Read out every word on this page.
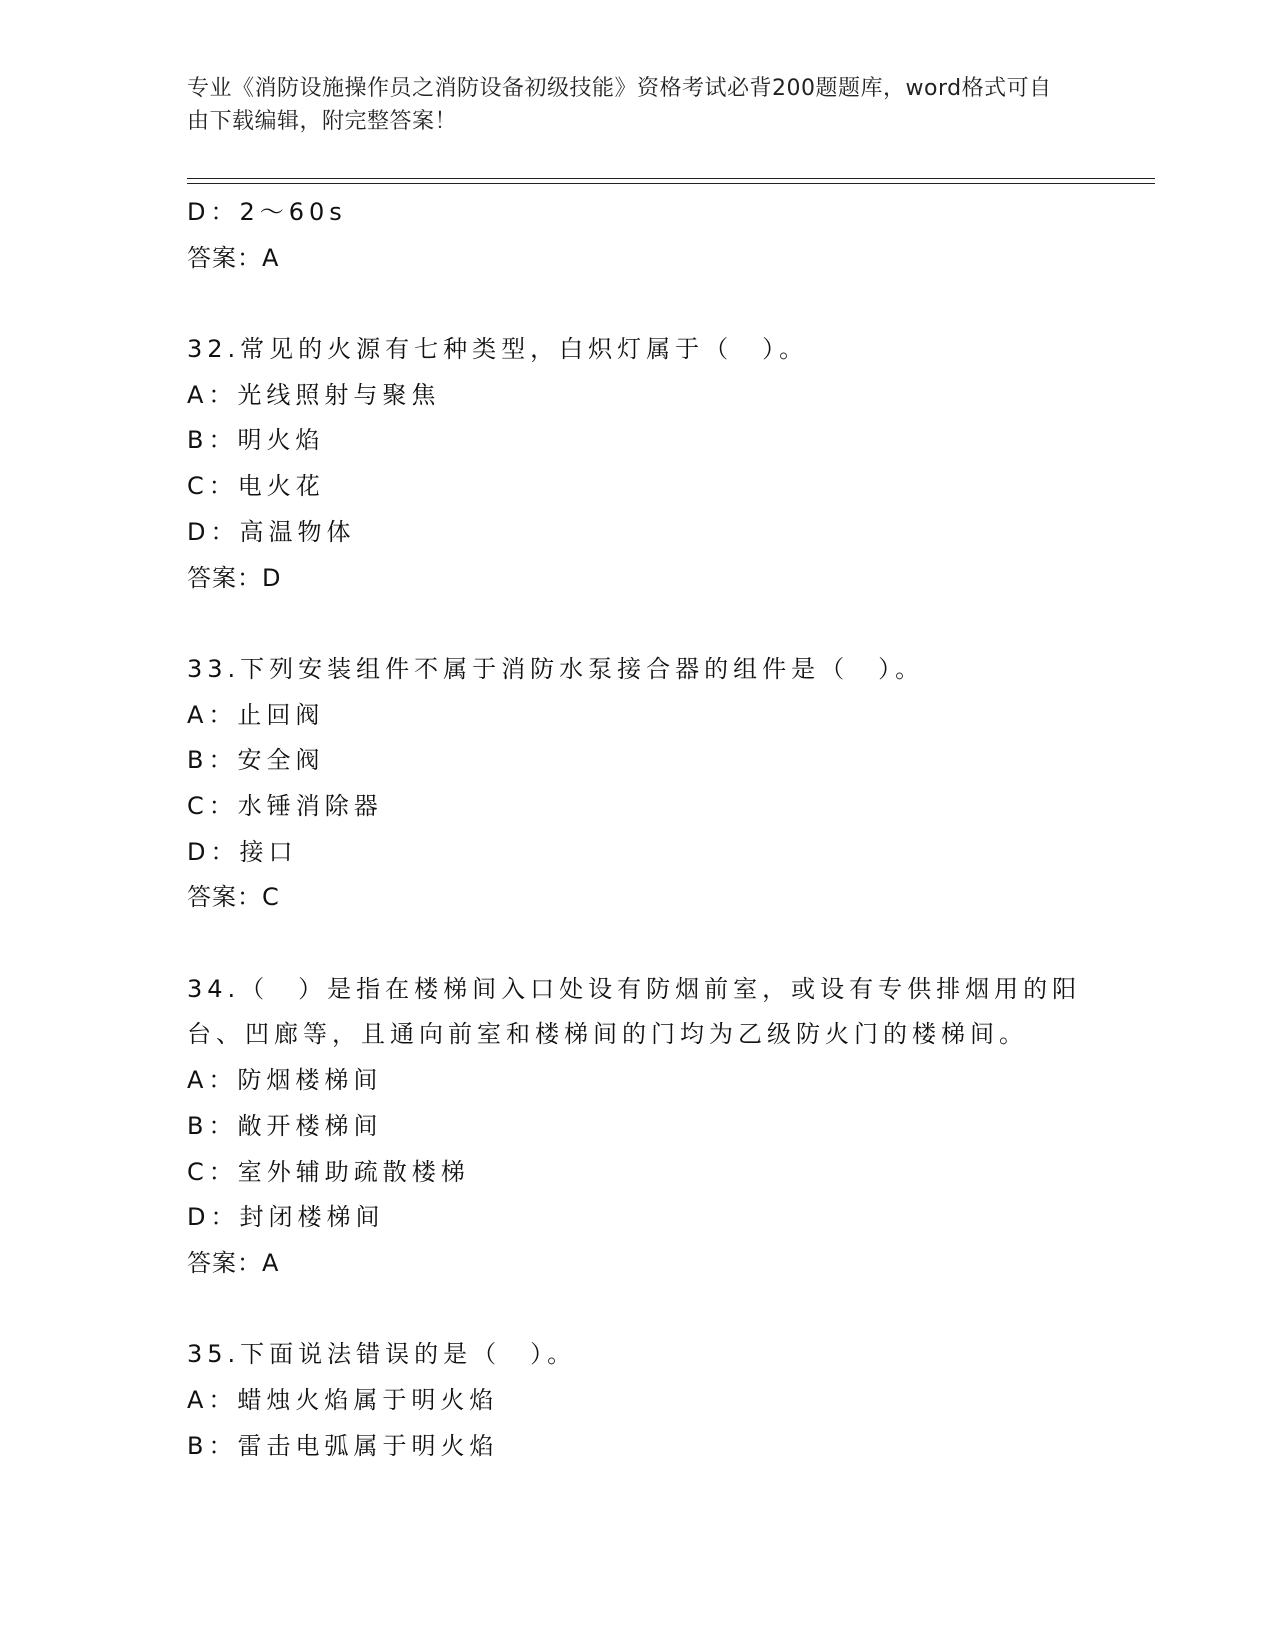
专业《消防设施操作员之消防设备初级技能》资格考试必背200题题库，word格式可自由下载编辑，附完整答案！

D：2～60s

答案：A

32.常见的火源有七种类型，白炽灯属于（　）。

A：光线照射与聚焦

B：明火焰

C：电火花

D：高温物体

答案：D

33.下列安装组件不属于消防水泵接合器的组件是（　）。

A：止回阀

B：安全阀

C：水锤消除器

D：接口

答案：C

34.（　）是指在楼梯间入口处设有防烟前室，或设有专供排烟用的阳台、凹廊等，且通向前室和楼梯间的门均为乙级防火门的楼梯间。

A：防烟楼梯间

B：敞开楼梯间

C：室外辅助疏散楼梯

D：封闭楼梯间

答案：A

35.下面说法错误的是（　）。

A：蜡烛火焰属于明火焰

B：雷击电弧属于明火焰
